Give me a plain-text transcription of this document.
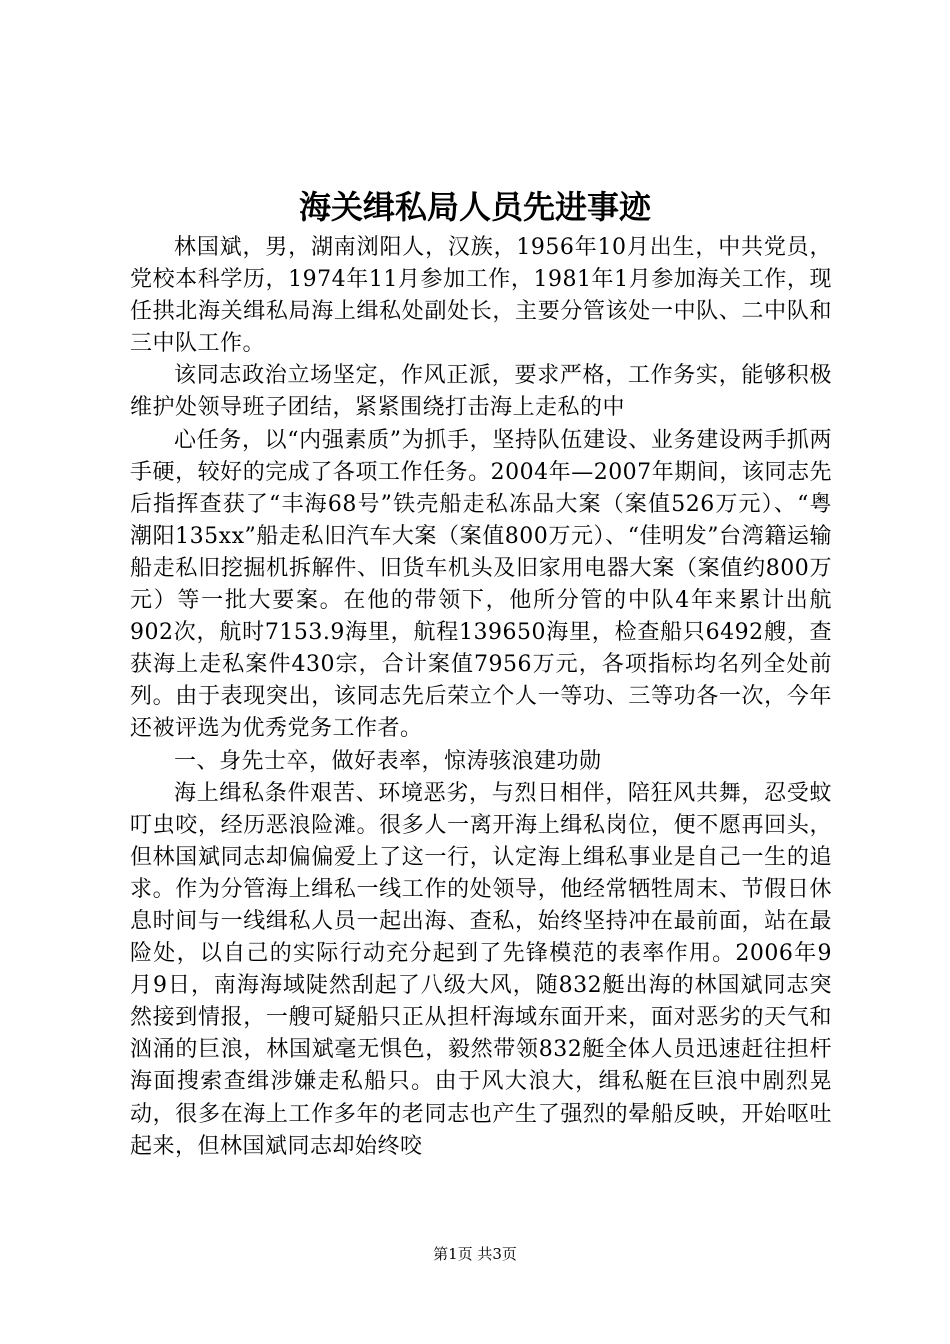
海关缉私局人员先进事迹

林国斌，男，湖南浏阳人，汉族，1956年10月出生，中共党员，党校本科学历，1974年11月参加工作，1981年1月参加海关工作，现任拱北海关缉私局海上缉私处副处长，主要分管该处一中队、二中队和三中队工作。

该同志政治立场坚定，作风正派，要求严格，工作务实，能够积极维护处领导班子团结，紧紧围绕打击海上走私的中

心任务，以“内强素质”为抓手，坚持队伍建设、业务建设两手抓两手硬，较好的完成了各项工作任务。2004年—2007年期间，该同志先后指挥查获了“丰海68号”铁壳船走私冻品大案（案值526万元）、“粤潮阳135xx”船走私旧汽车大案（案值800万元）、“佳明发”台湾籍运输船走私旧挖掘机拆解件、旧货车机头及旧家用电器大案（案值约800万元）等一批大要案。在他的带领下，他所分管的中队4年来累计出航902次，航时7153.9海里，航程139650海里，检查船只6492艘，查获海上走私案件430宗，合计案值7956万元，各项指标均名列全处前列。由于表现突出，该同志先后荣立个人一等功、三等功各一次，今年还被评选为优秀党务工作者。

一、身先士卒，做好表率，惊涛骇浪建功勋

海上缉私条件艰苦、环境恶劣，与烈日相伴，陪狂风共舞，忍受蚊叮虫咬，经历恶浪险滩。很多人一离开海上缉私岗位，便不愿再回头，但林国斌同志却偏偏爱上了这一行，认定海上缉私事业是自己一生的追求。作为分管海上缉私一线工作的处领导，他经常牺牲周末、节假日休息时间与一线缉私人员一起出海、查私，始终坚持冲在最前面，站在最险处，以自己的实际行动充分起到了先锋模范的表率作用。2006年9月9日，南海海域陡然刮起了八级大风，随832艇出海的林国斌同志突然接到情报，一艘可疑船只正从担杆海域东面开来，面对恶劣的天气和汹涌的巨浪，林国斌毫无惧色，毅然带领832艇全体人员迅速赶往担杆海面搜索查缉涉嫌走私船只。由于风大浪大，缉私艇在巨浪中剧烈晃动，很多在海上工作多年的老同志也产生了强烈的晕船反映，开始呕吐起来，但林国斌同志却始终咬

第1页 共3页
